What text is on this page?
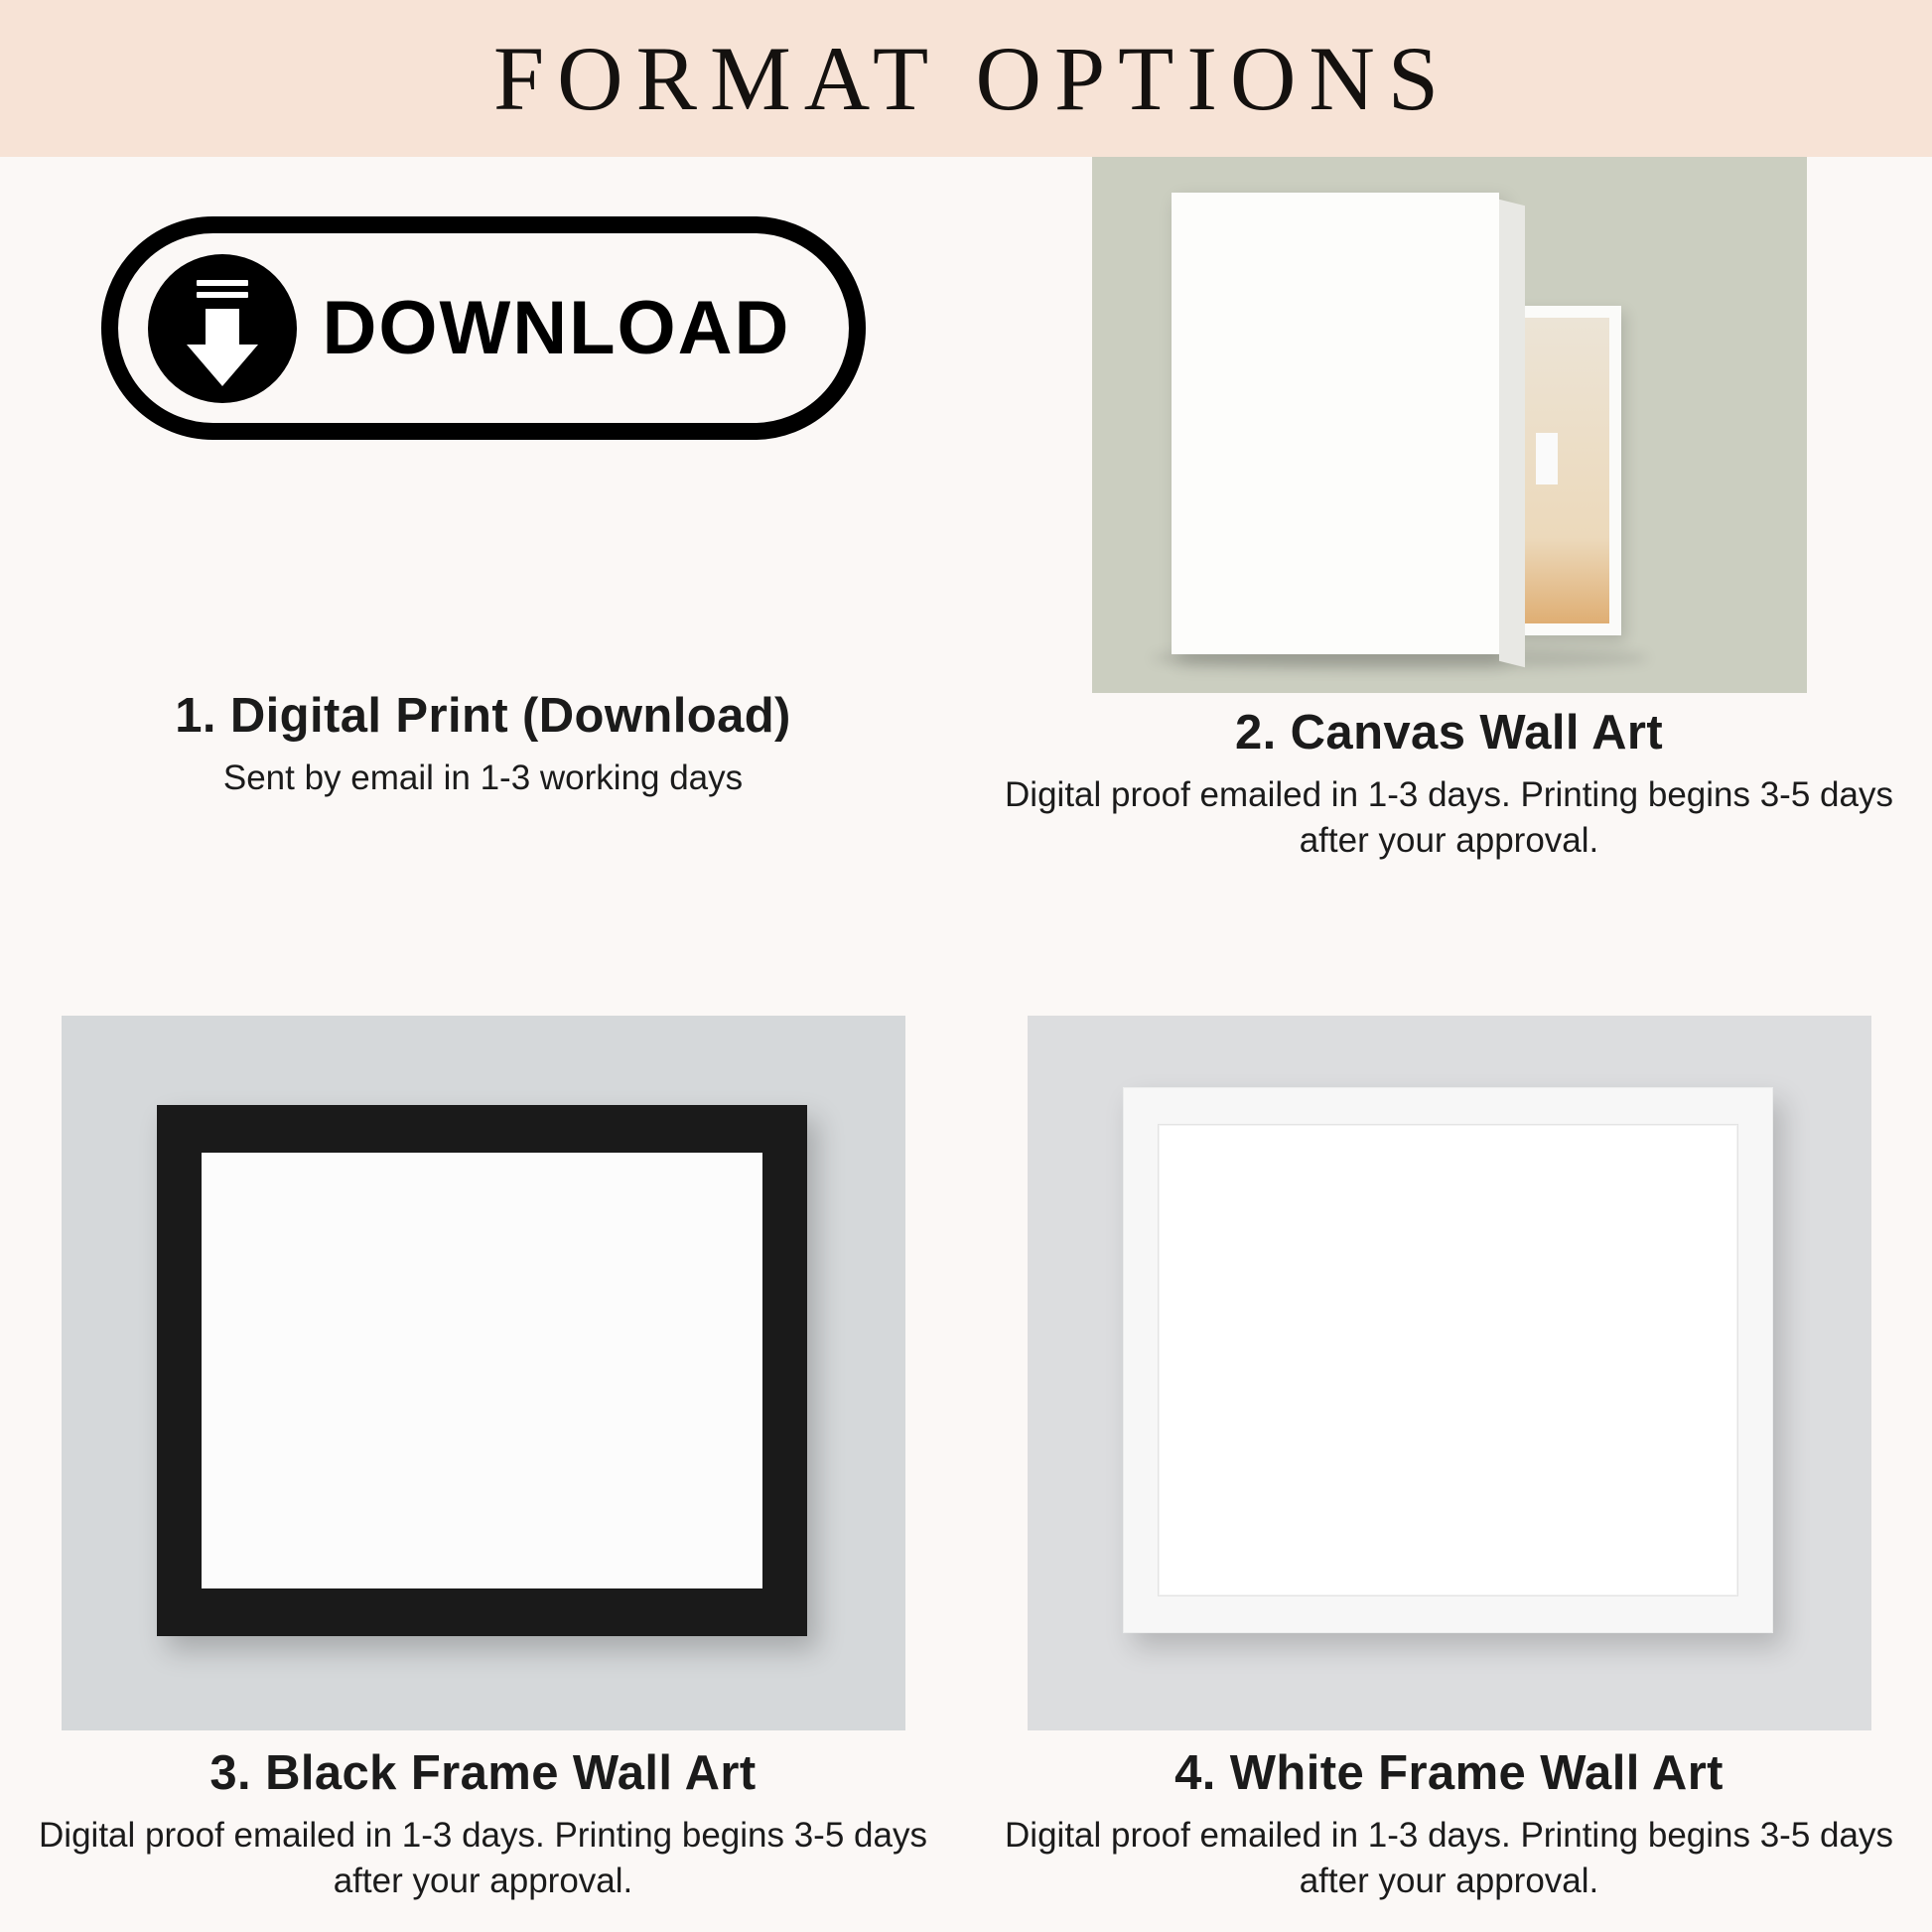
FORMAT OPTIONS
DOWNLOAD

1. Digital Print (Download)

Sent by email in 1-3 working days

2. Canvas Wall Art

Digital proof emailed in 1-3 days. Printing begins 3-5 days after your approval.

3. Black Frame Wall Art

Digital proof emailed in 1-3 days. Printing begins 3-5 days after your approval.

4. White Frame Wall Art

Digital proof emailed in 1-3 days. Printing begins 3-5 days after your approval.
